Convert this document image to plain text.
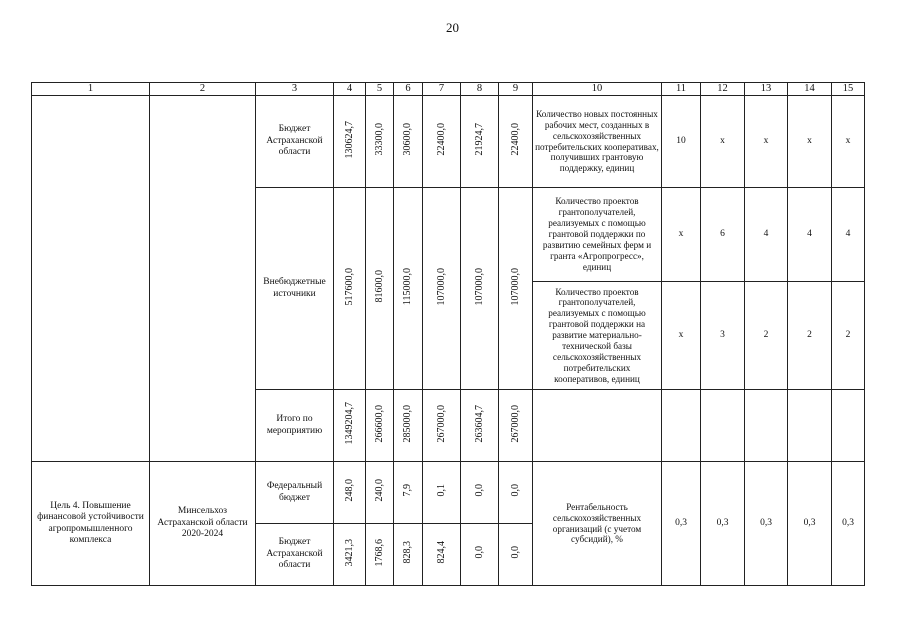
20
1	2	3	4	5	6	7	8	9	10	11	12	13	14	15
		Бюджет Астраханской области	130624,7	33300,0	30600,0	22400,0	21924,7	22400,0	Количество новых постоянных рабочих мест, созданных в сельскохозяйственных потребительских кооперативах, получивших грантовую поддержку, единиц	10	х	х	х	х
		Внебюджетные источники	517600,0	81600,0	115000,0	107000,0	107000,0	107000,0	Количество проектов грантополучателей, реализуемых с помощью грантовой поддержки по развитию семейных ферм и гранта «Агропрогресс», единиц	х	6	4	4	4
									Количество проектов грантополучателей, реализуемых с помощью грантовой поддержки на развитие материально-технической базы сельскохозяйственных потребительских кооперативов, единиц	х	3	2	2	2
		Итого по мероприятию	1349204,7	266600,0	285000,0	267000,0	263604,7	267000,0						
Цель 4. Повышение финансовой устойчивости агропромышленного комплекса	Минсельхоз Астраханской области 2020-2024	Федеральный бюджет	248,0	240,0	7,9	0,1	0,0	0,0	Рентабельность сельскохозяйственных организаций (с учетом субсидий), %	0,3	0,3	0,3	0,3	0,3
		Бюджет Астраханской области	3421,3	1768,6	828,3	824,4	0,0	0,0						
